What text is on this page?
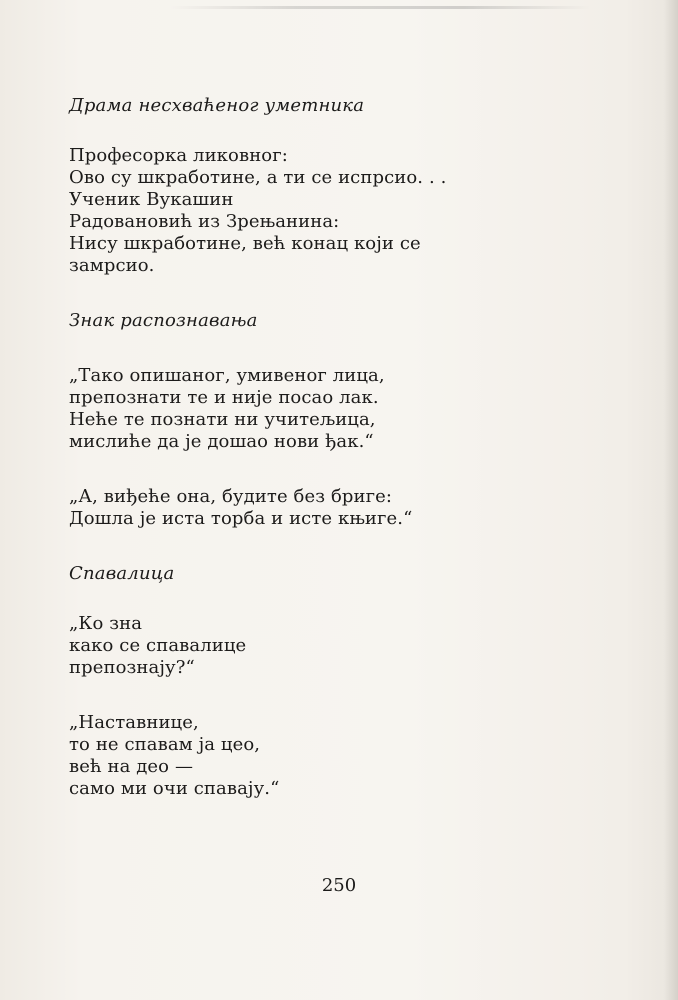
Драма несхваћеног уметника

Професорка ликовног:

Ово су шкработине, а ти се испрсио. . .

Ученик Вукашин

Радовановић из Зрењанина:

Нису шкработине, већ конац који се

замрсио.

Знак распознавања

„Тако опишаног, умивеног лица,

препознати те и није посао лак.

Неће те познати ни учитељица,

мислиће да је дошао нови ђак.“

„А, виђеће она, будите без бриге:

Дошла је иста торба и исте књиге.“

Спавалица

„Ко зна

како се спавалице

препознају?“

„Наставнице,

то не спавам ја цео,

већ на део —

само ми очи спавају.“

250
